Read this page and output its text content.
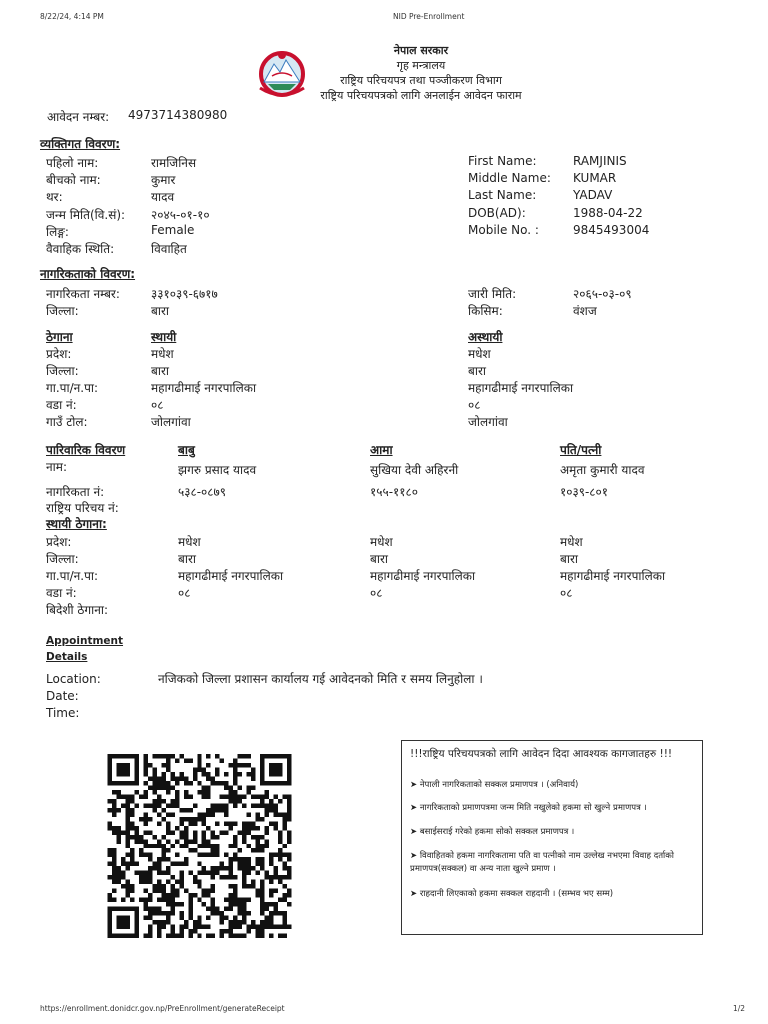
8/22/24, 4:14 PM	NID Pre-Enrollment
https://enrollment.donidcr.gov.np/PreEnrollment/generateReceipt	1/2
नेपाल सरकार
गृह मन्त्रालय
राष्ट्रिय परिचयपत्र तथा पञ्जीकरण विभाग
राष्ट्रिय परिचयपत्रको लागि अनलाईन आवेदन फाराम
आवेदन नम्बर: 4973714380980
व्यक्तिगत विवरण:
पहिलो नाम:	रामजिनिस
बीचको नाम:	कुमार
थर:	यादव
जन्म मिति(वि.सं): २०४५-०१-१०
लिङ्ग:	Female
वैवाहिक स्थिति:	विवाहित
First Name:	RAMJINIS
Middle Name: KUMAR
Last Name:	YADAV
DOB(AD):	1988-04-22
Mobile No. :	9845493004
नागरिकताको विवरण:
नागरिकता नम्बर:	३३१०३९-६७१७
जिल्ला:	बारा
जारी मिति:	२०६५-०३-०९
किसिम:	वंशज
ठेगाना	स्थायी	अस्थायी
प्रदेश:	मधेश	मधेश
जिल्ला:	बारा	बारा
गा.पा/न.पा:	महागढीमाई नगरपालिका	महागढीमाई नगरपालिका
वडा नं:	०८	०८
गाउँ टोल:	जोलगांवा	जोलगांवा
पारिवारिक विवरण	बाबु	आमा	पति/पत्नी
नाम:	झगरु प्रसाद यादव	सुखिया देवी अहिरनी	अमृता कुमारी यादव
नागरिकता नं:	५३८-०८७९	१५५-११८०	१०३९-८०१
राष्ट्रिय परिचय नं:
स्थायी ठेगाना:
प्रदेश:	मधेश	मधेश	मधेश
जिल्ला:	बारा	बारा	बारा
गा.पा/न.पा:	महागढीमाई नगरपालिका	महागढीमाई नगरपालिका	महागढीमाई नगरपालिका
वडा नं:	०८	०८	०८
बिदेशी ठेगाना:
Appointment
Details
Location:	नजिकको जिल्ला प्रशासन कार्यालय गई आवेदनको मिति र समय लिनुहोला ।
Date:
Time:
!!!राष्ट्रिय परिचयपत्रको लागि आवेदन दिदा आवश्यक कागजातहरु !!!
➤ नेपाली नागरिकताको सक्कल प्रमाणपत्र । (अनिवार्य)
➤ नागरिकताको प्रमाणपत्रमा जन्म मिति नखुलेको हकमा सो खुल्ने प्रमाणपत्र ।
➤ बसाईसराई गरेको हकमा सोको सक्कल प्रमाणपत्र ।
➤ विवाहितको हकमा नागरिकतामा पति वा पत्नीको नाम उल्लेख नभएमा विवाह दर्ताको प्रमाणपत्र(सक्कल) वा अन्य नाता खुल्ने प्रमाण ।
➤ राहदानी लिएकाको हकमा सक्कल राहदानी । (सम्भव भए सम्म)
